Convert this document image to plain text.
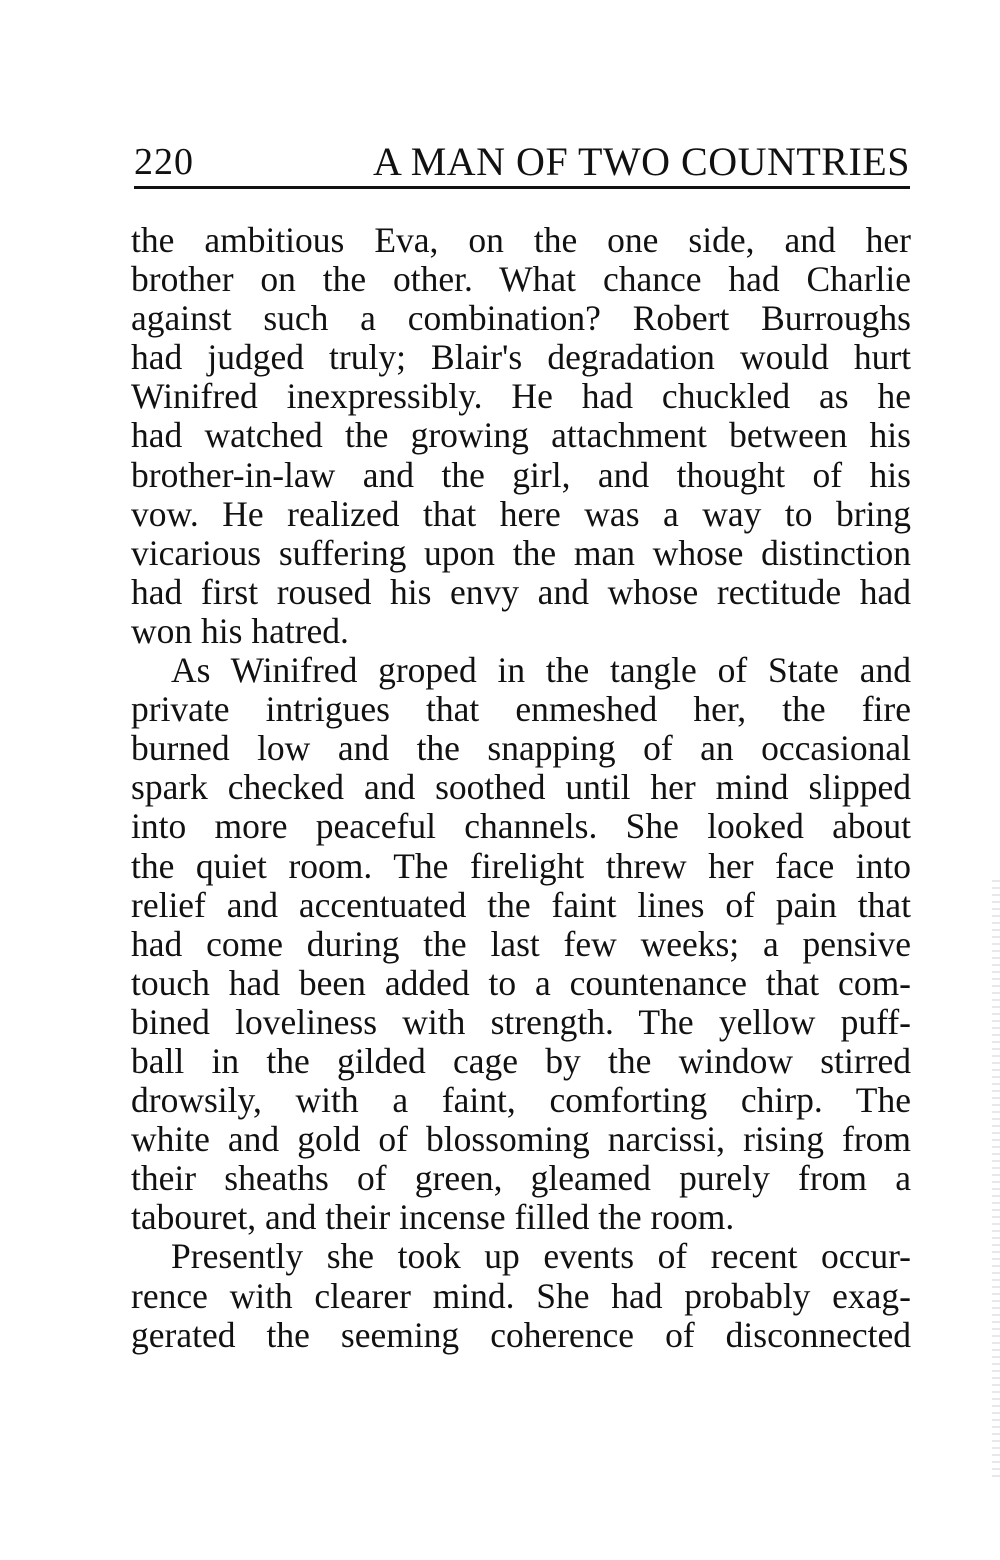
220	A MAN OF TWO COUNTRIES
the ambitious Eva, on the one side, and her
brother on the other. What chance had Charlie
against such a combination? Robert Burroughs
had judged truly; Blair's degradation would hurt
Winifred inexpressibly. He had chuckled as he
had watched the growing attachment between his
brother-in-law and the girl, and thought of his
vow. He realized that here was a way to bring
vicarious suffering upon the man whose distinction
had first roused his envy and whose rectitude had
won his hatred.
As Winifred groped in the tangle of State and
private intrigues that enmeshed her, the fire
burned low and the snapping of an occasional
spark checked and soothed until her mind slipped
into more peaceful channels. She looked about
the quiet room. The firelight threw her face into
relief and accentuated the faint lines of pain that
had come during the last few weeks; a pensive
touch had been added to a countenance that com-
bined loveliness with strength. The yellow puff-
ball in the gilded cage by the window stirred
drowsily, with a faint, comforting chirp. The
white and gold of blossoming narcissi, rising from
their sheaths of green, gleamed purely from a
tabouret, and their incense filled the room.
Presently she took up events of recent occur-
rence with clearer mind. She had probably exag-
gerated the seeming coherence of disconnected
